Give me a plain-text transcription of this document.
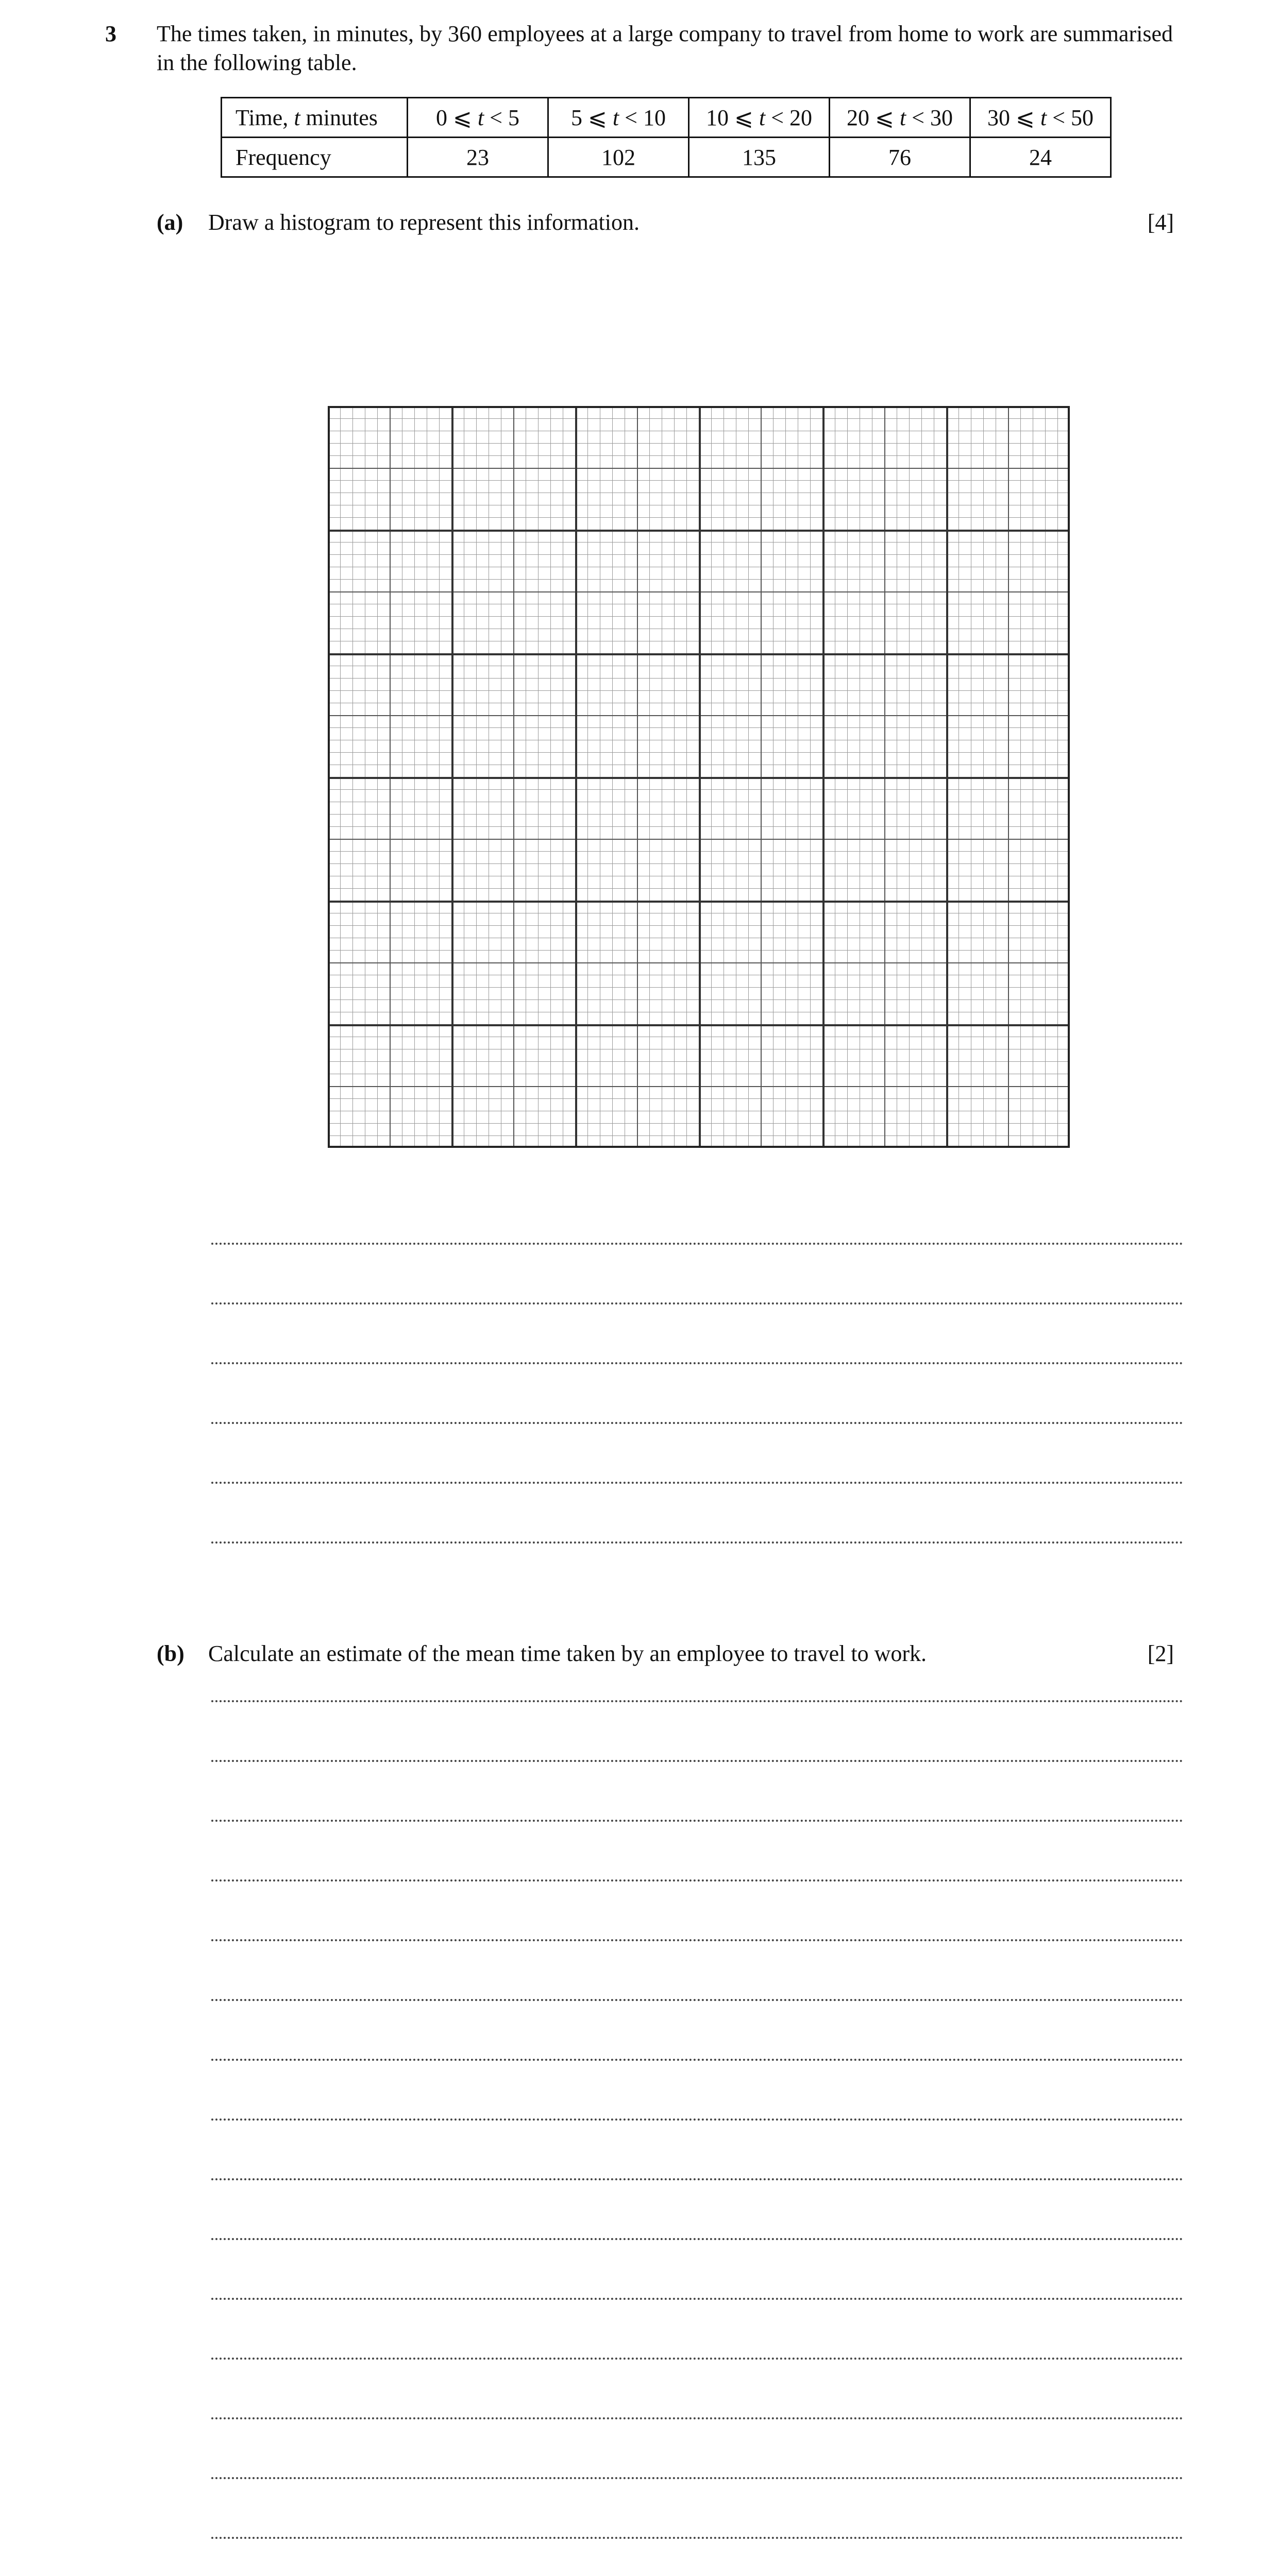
3 The times taken, in minutes, by 360 employees at a large company to travel from home to work are summarised in the following table.
Time, t minutes	0 ⩽ t < 5	5 ⩽ t < 10	10 ⩽ t < 20	20 ⩽ t < 30	30 ⩽ t < 50
Frequency	23	102	135	76	24
(a) Draw a histogram to represent this information.	[4]
(b) Calculate an estimate of the mean time taken by an employee to travel to work.	[2]
